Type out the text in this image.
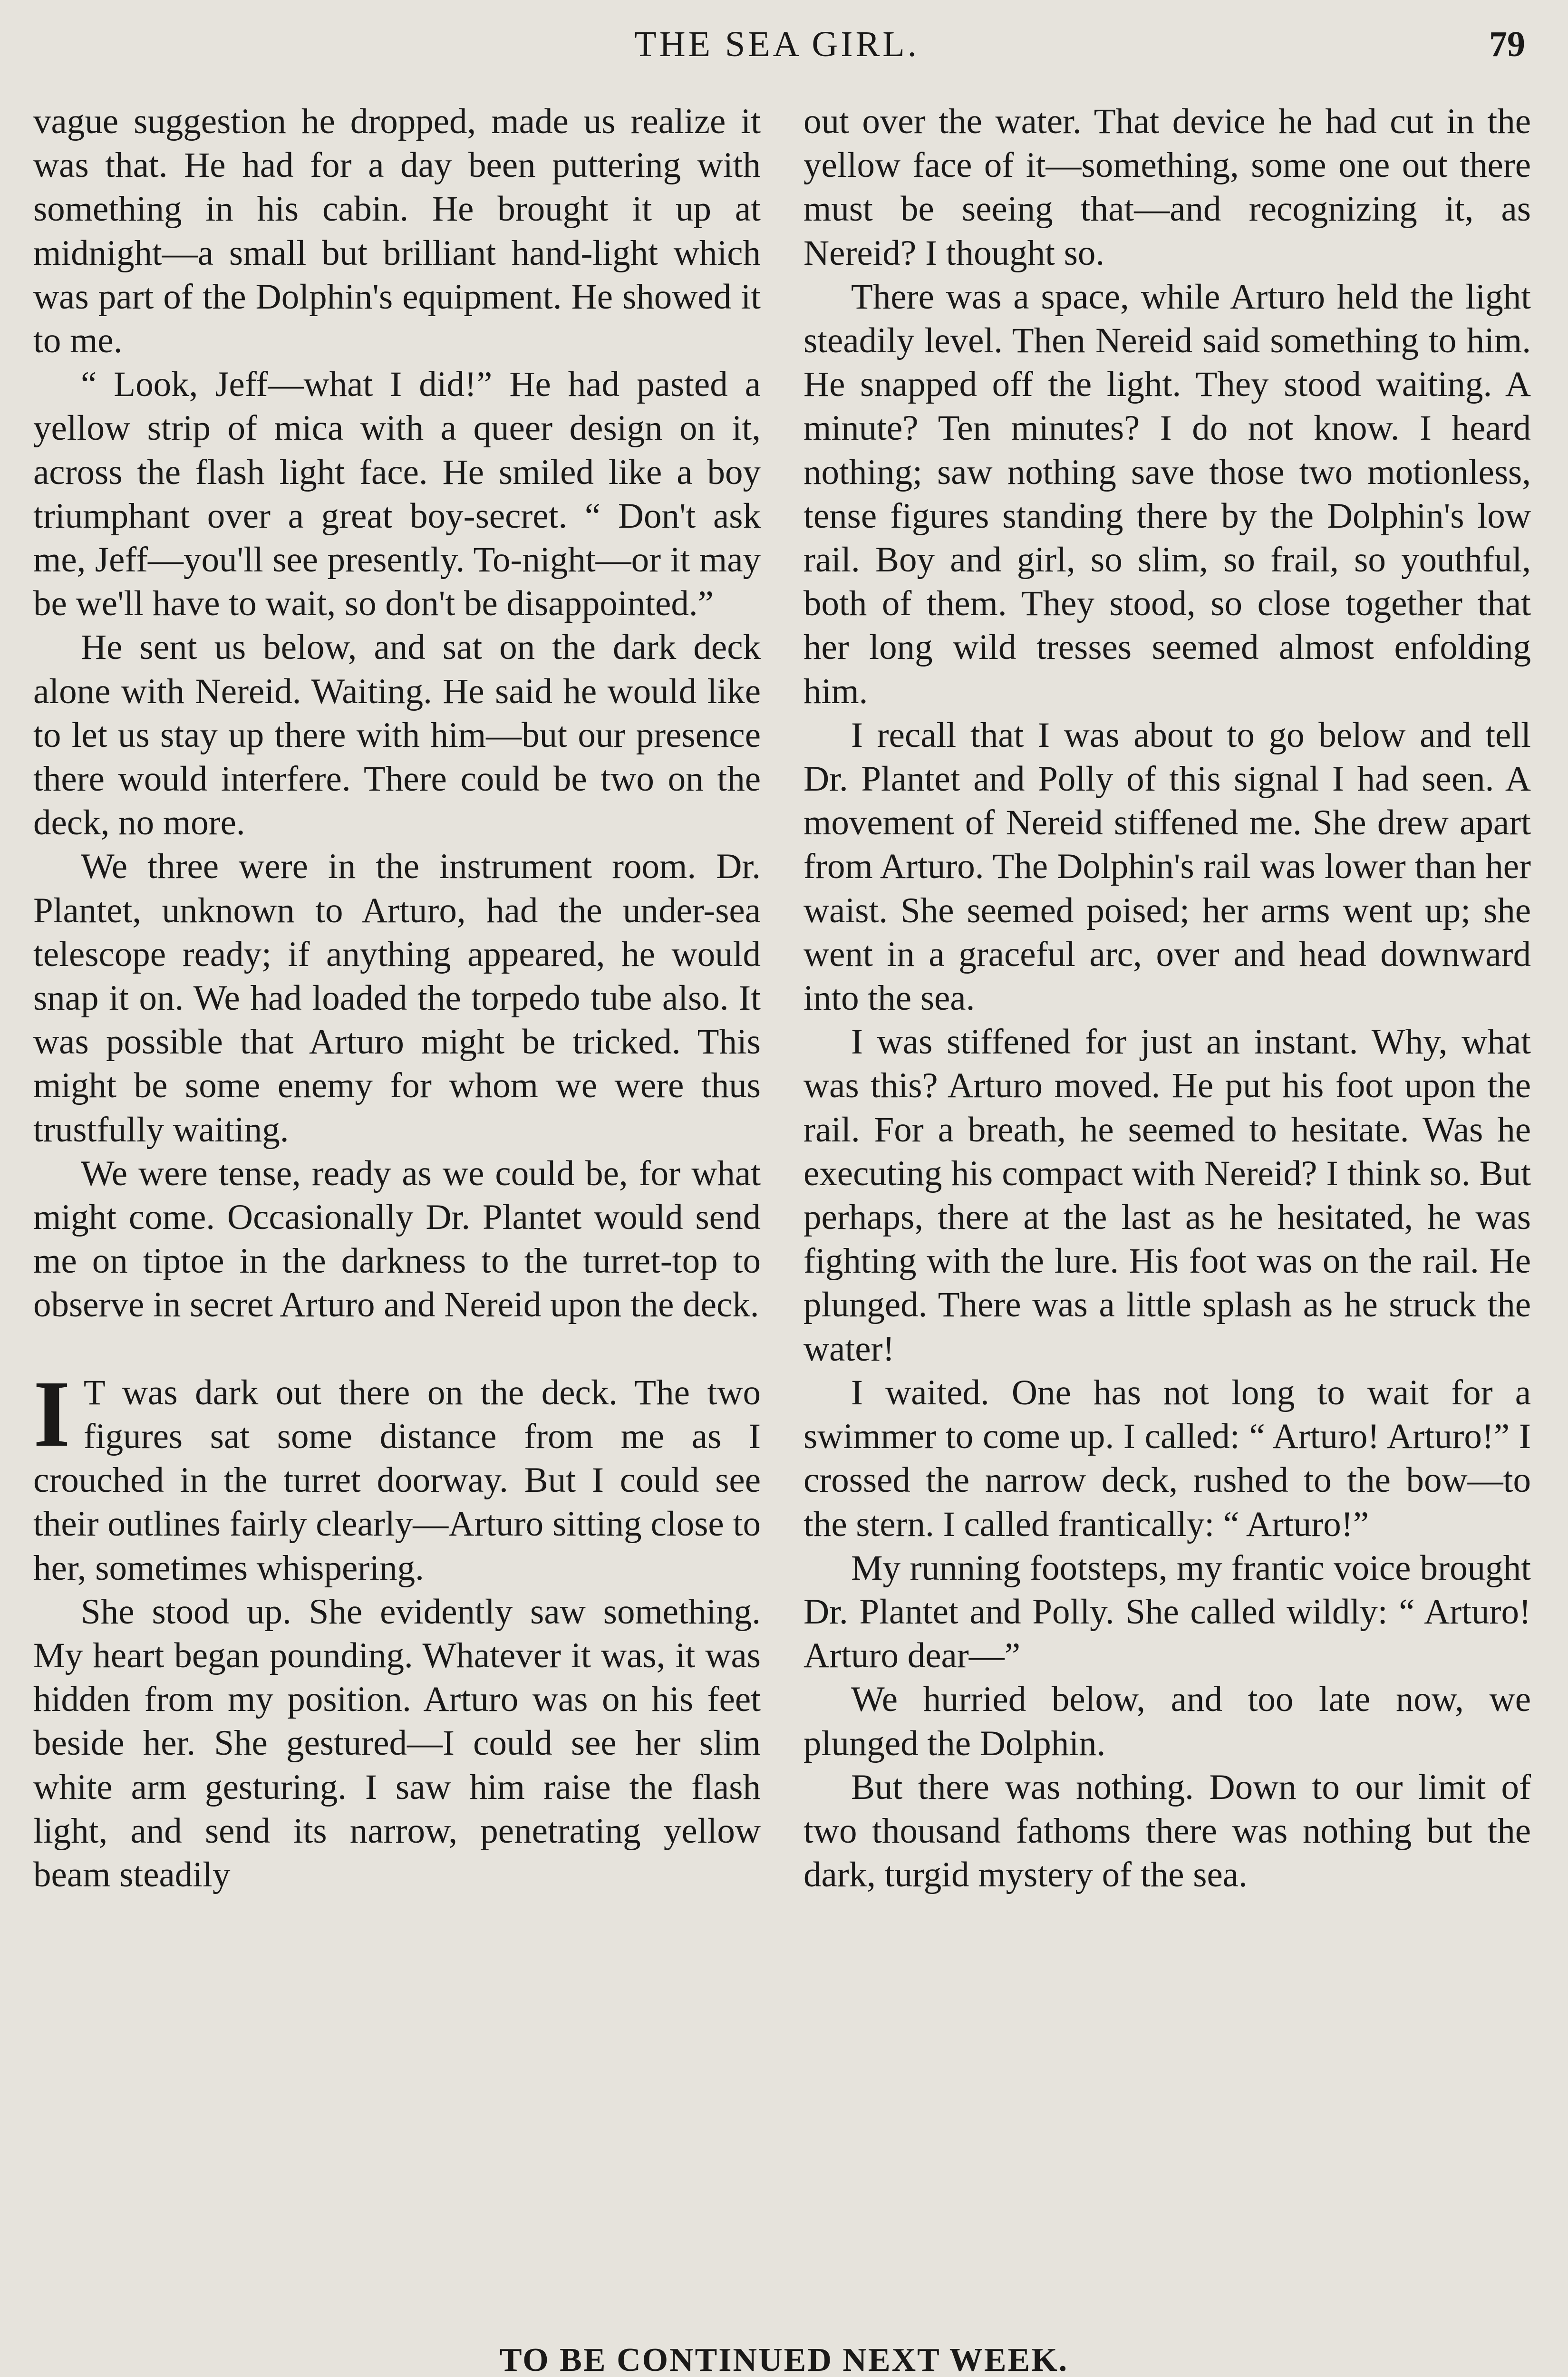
THE SEA GIRL.	79

vague suggestion he dropped, made us realize it was that. He had for a day been puttering with something in his cabin. He brought it up at midnight—a small but brilliant hand-light which was part of the Dolphin's equipment. He showed it to me.

“ Look, Jeff—what I did!” He had pasted a yellow strip of mica with a queer design on it, across the flash light face. He smiled like a boy triumphant over a great boy-secret. “ Don't ask me, Jeff—you'll see presently. To-night—or it may be we'll have to wait, so don't be disappointed.”

He sent us below, and sat on the dark deck alone with Nereid. Waiting. He said he would like to let us stay up there with him—but our presence there would interfere. There could be two on the deck, no more.

We three were in the instrument room. Dr. Plantet, unknown to Arturo, had the under-sea telescope ready; if anything appeared, he would snap it on. We had loaded the torpedo tube also. It was possible that Arturo might be tricked. This might be some enemy for whom we were thus trustfully waiting.

We were tense, ready as we could be, for what might come. Occasionally Dr. Plantet would send me on tiptoe in the darkness to the turret-top to observe in secret Arturo and Nereid upon the deck.

I T was dark out there on the deck. The two figures sat some distance from me as I crouched in the turret doorway. But I could see their outlines fairly clearly—Arturo sitting close to her, sometimes whispering.

She stood up. She evidently saw something. My heart began pounding. Whatever it was, it was hidden from my position. Arturo was on his feet beside her. She gestured—I could see her slim white arm gesturing. I saw him raise the flash light, and send its narrow, penetrating yellow beam steadily

out over the water. That device he had cut in the yellow face of it—something, some one out there must be seeing that—and recognizing it, as Nereid? I thought so.

There was a space, while Arturo held the light steadily level. Then Nereid said something to him. He snapped off the light. They stood waiting. A minute? Ten minutes? I do not know. I heard nothing; saw nothing save those two motionless, tense figures standing there by the Dolphin's low rail. Boy and girl, so slim, so frail, so youthful, both of them. They stood, so close together that her long wild tresses seemed almost enfolding him.

I recall that I was about to go below and tell Dr. Plantet and Polly of this signal I had seen. A movement of Nereid stiffened me. She drew apart from Arturo. The Dolphin's rail was lower than her waist. She seemed poised; her arms went up; she went in a graceful arc, over and head downward into the sea.

I was stiffened for just an instant. Why, what was this? Arturo moved. He put his foot upon the rail. For a breath, he seemed to hesitate. Was he executing his compact with Nereid? I think so. But perhaps, there at the last as he hesitated, he was fighting with the lure. His foot was on the rail. He plunged. There was a little splash as he struck the water!

I waited. One has not long to wait for a swimmer to come up. I called: “ Arturo! Arturo!” I crossed the narrow deck, rushed to the bow—to the stern. I called frantically: “ Arturo!”

My running footsteps, my frantic voice brought Dr. Plantet and Polly. She called wildly: “ Arturo! Arturo dear—”

We hurried below, and too late now, we plunged the Dolphin.

But there was nothing. Down to our limit of two thousand fathoms there was nothing but the dark, turgid mystery of the sea.

TO BE CONTINUED NEXT WEEK.
